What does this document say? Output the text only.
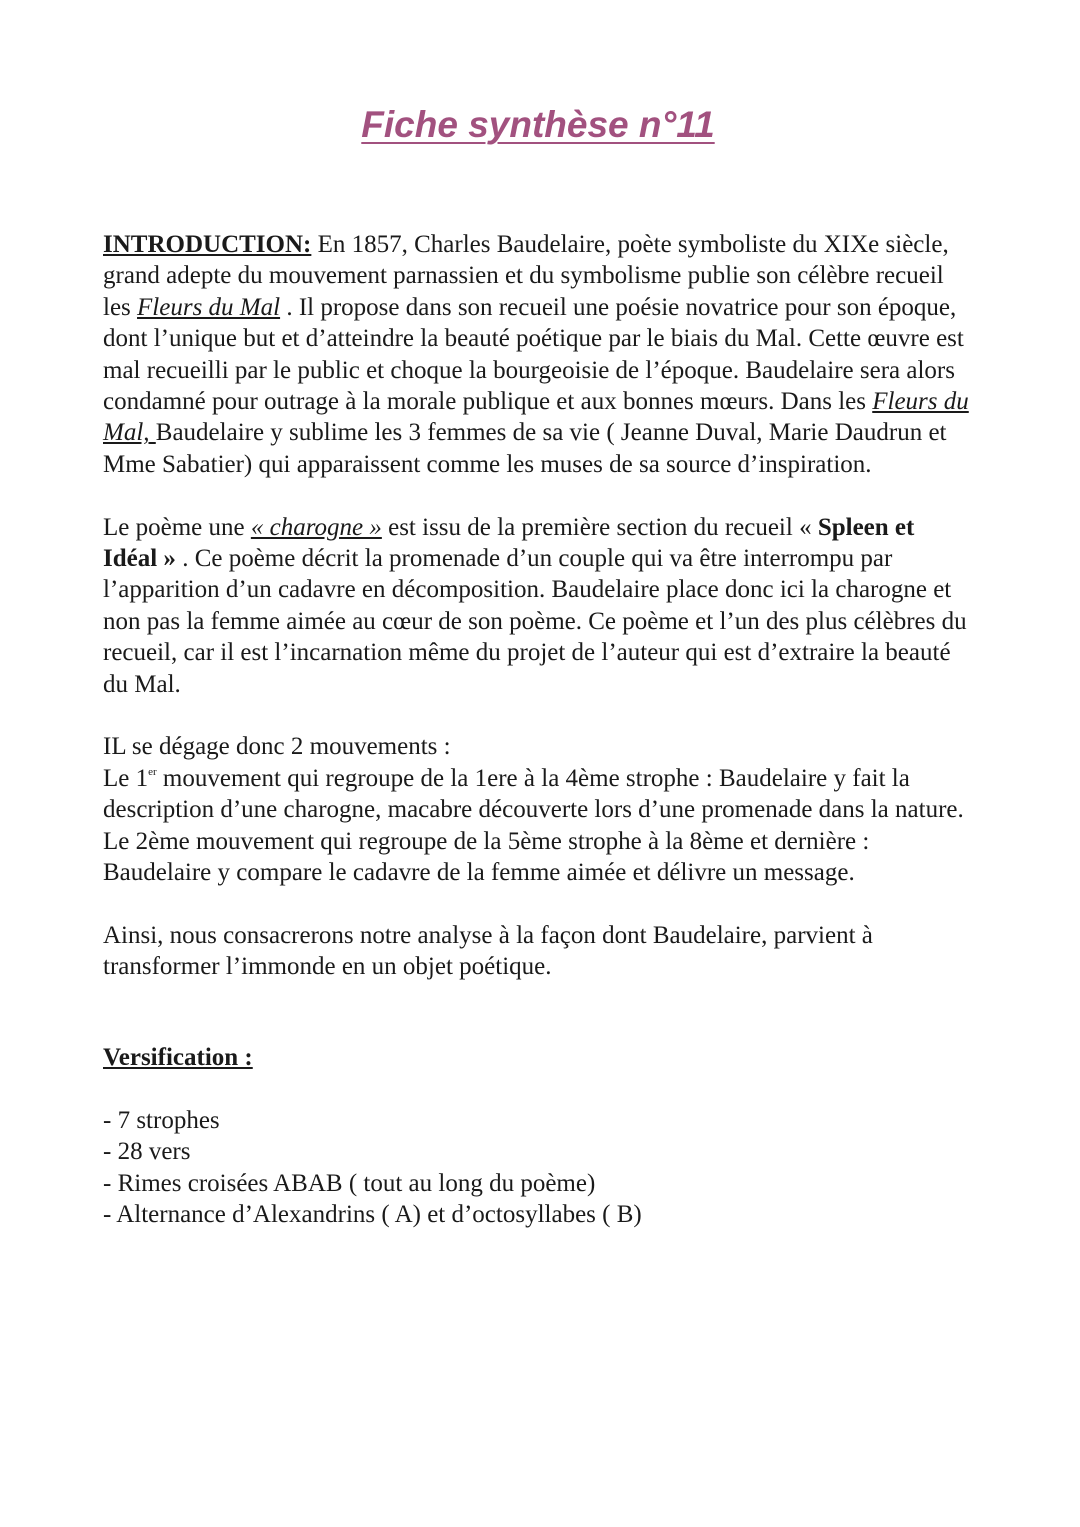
Fiche synthèse n°11

INTRODUCTION: En 1857, Charles Baudelaire, poète symboliste du XIXe siècle, grand adepte du mouvement parnassien et du symbolisme publie son célèbre recueil les Fleurs du Mal . Il propose dans son recueil une poésie novatrice pour son époque, dont l’unique but et d’atteindre la beauté poétique par le biais du Mal. Cette œuvre est mal recueilli par le public et choque la bourgeoisie de l’époque. Baudelaire sera alors condamné pour outrage à la morale publique et aux bonnes mœurs. Dans les Fleurs du Mal, Baudelaire y sublime les 3 femmes de sa vie ( Jeanne Duval, Marie Daudrun et Mme Sabatier) qui apparaissent comme les muses de sa source d’inspiration.

Le poème une « charogne » est issu de la première section du recueil « Spleen et Idéal » . Ce poème décrit la promenade d’un couple qui va être interrompu par l’apparition d’un cadavre en décomposition. Baudelaire place donc ici la charogne et non pas la femme aimée au cœur de son poème. Ce poème et l’un des plus célèbres du recueil, car il est l’incarnation même du projet de l’auteur qui est d’extraire la beauté du Mal.

IL se dégage donc 2 mouvements :

Le 1er mouvement qui regroupe de la 1ere à la 4ème strophe : Baudelaire y fait la description d’une charogne, macabre découverte lors d’une promenade dans la nature.

Le 2ème mouvement qui regroupe de la 5ème strophe à la 8ème et dernière : Baudelaire y compare le cadavre de la femme aimée et délivre un message.

Ainsi, nous consacrerons notre analyse à la façon dont Baudelaire, parvient à transformer l’immonde en un objet poétique.

Versification :

- 7 strophes
- 28 vers
- Rimes croisées ABAB ( tout au long du poème)
- Alternance d’Alexandrins ( A) et d’octosyllabes ( B)
